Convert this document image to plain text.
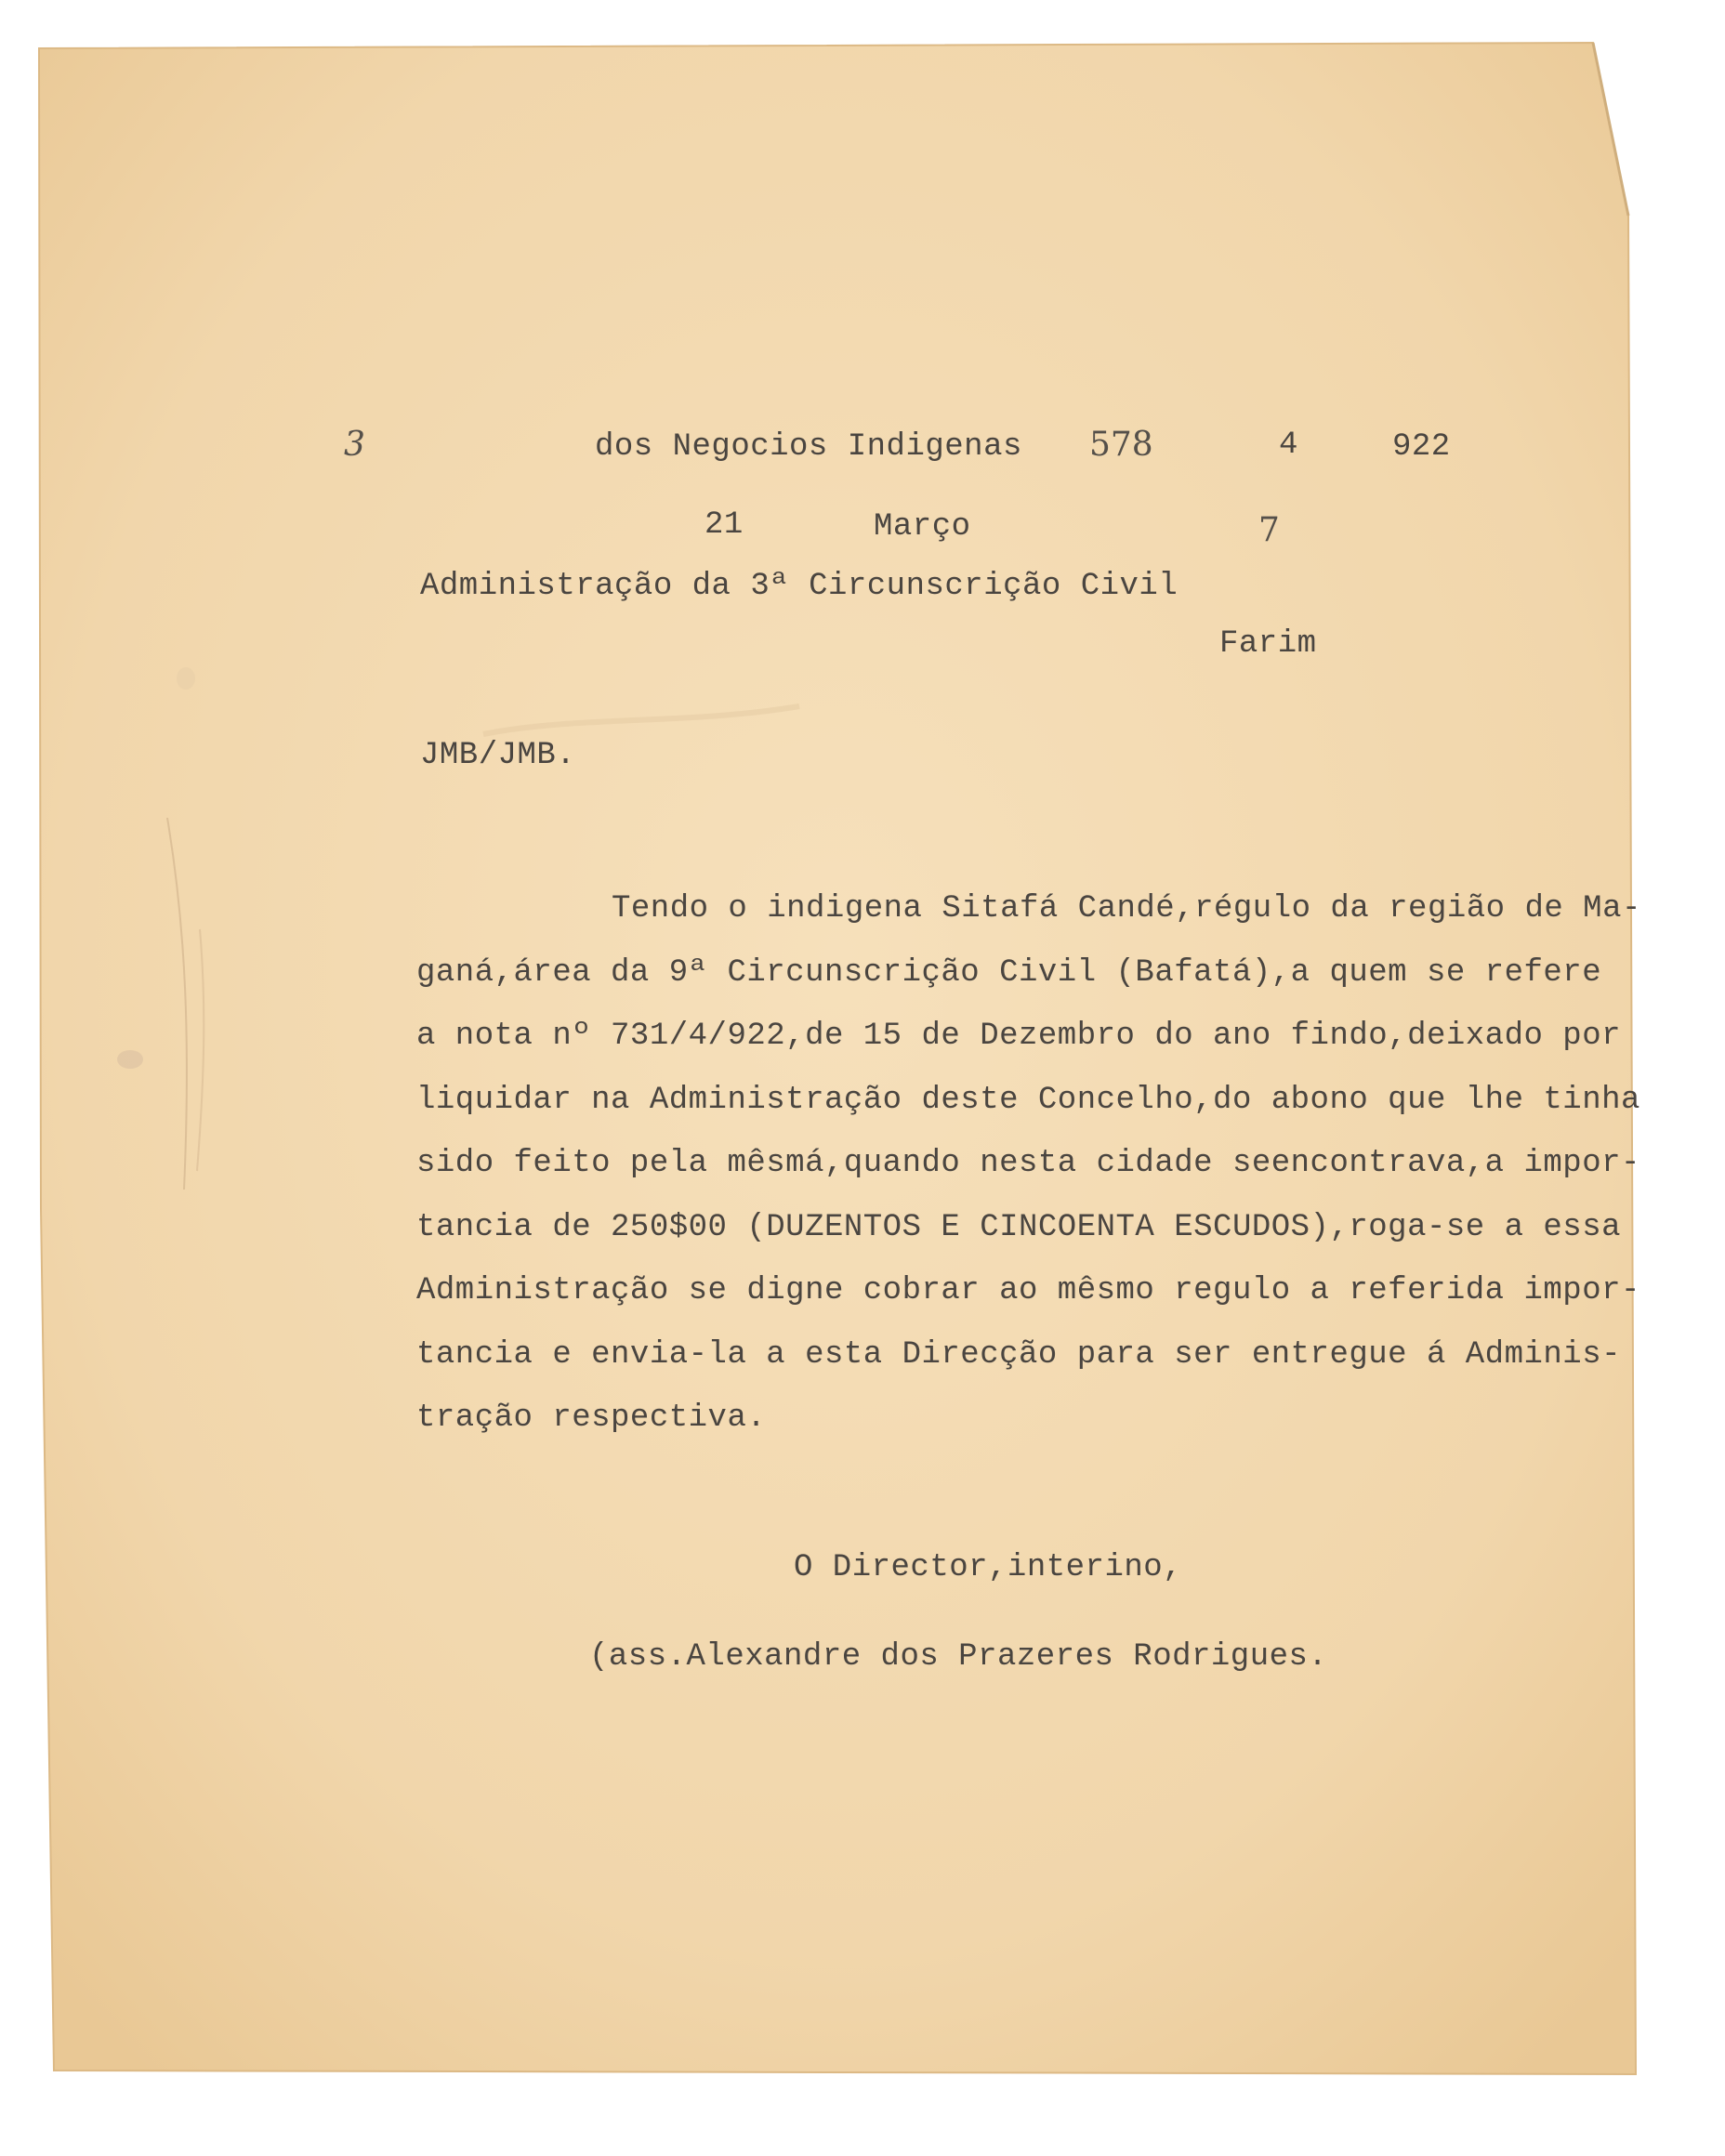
3	dos Negocios Indigenas 578	4	922
21	Março	7
Administração da 3ª Circunscrição Civil
Farim
JMB/JMB.
Tendo o indigena Sitafá Candé,régulo da região de Ma-
ganá,área da 9ª Circunscrição Civil (Bafatá),a quem se refere
a nota nº 731/4/922,de 15 de Dezembro do ano findo,deixado por
liquidar na Administração deste Concelho,do abono que lhe tinha
sido feito pela mêsmá,quando nesta cidade seencontrava,a impor-
tancia de 250$00 (DUZENTOS E CINCOENTA ESCUDOS),roga-se a essa
Administração se digne cobrar ao mêsmo regulo a referida impor-
tancia e envia-la a esta Direcção para ser entregue á Adminis-
tração respectiva.
O Director,interino,
(ass.Alexandre dos Prazeres Rodrigues.
